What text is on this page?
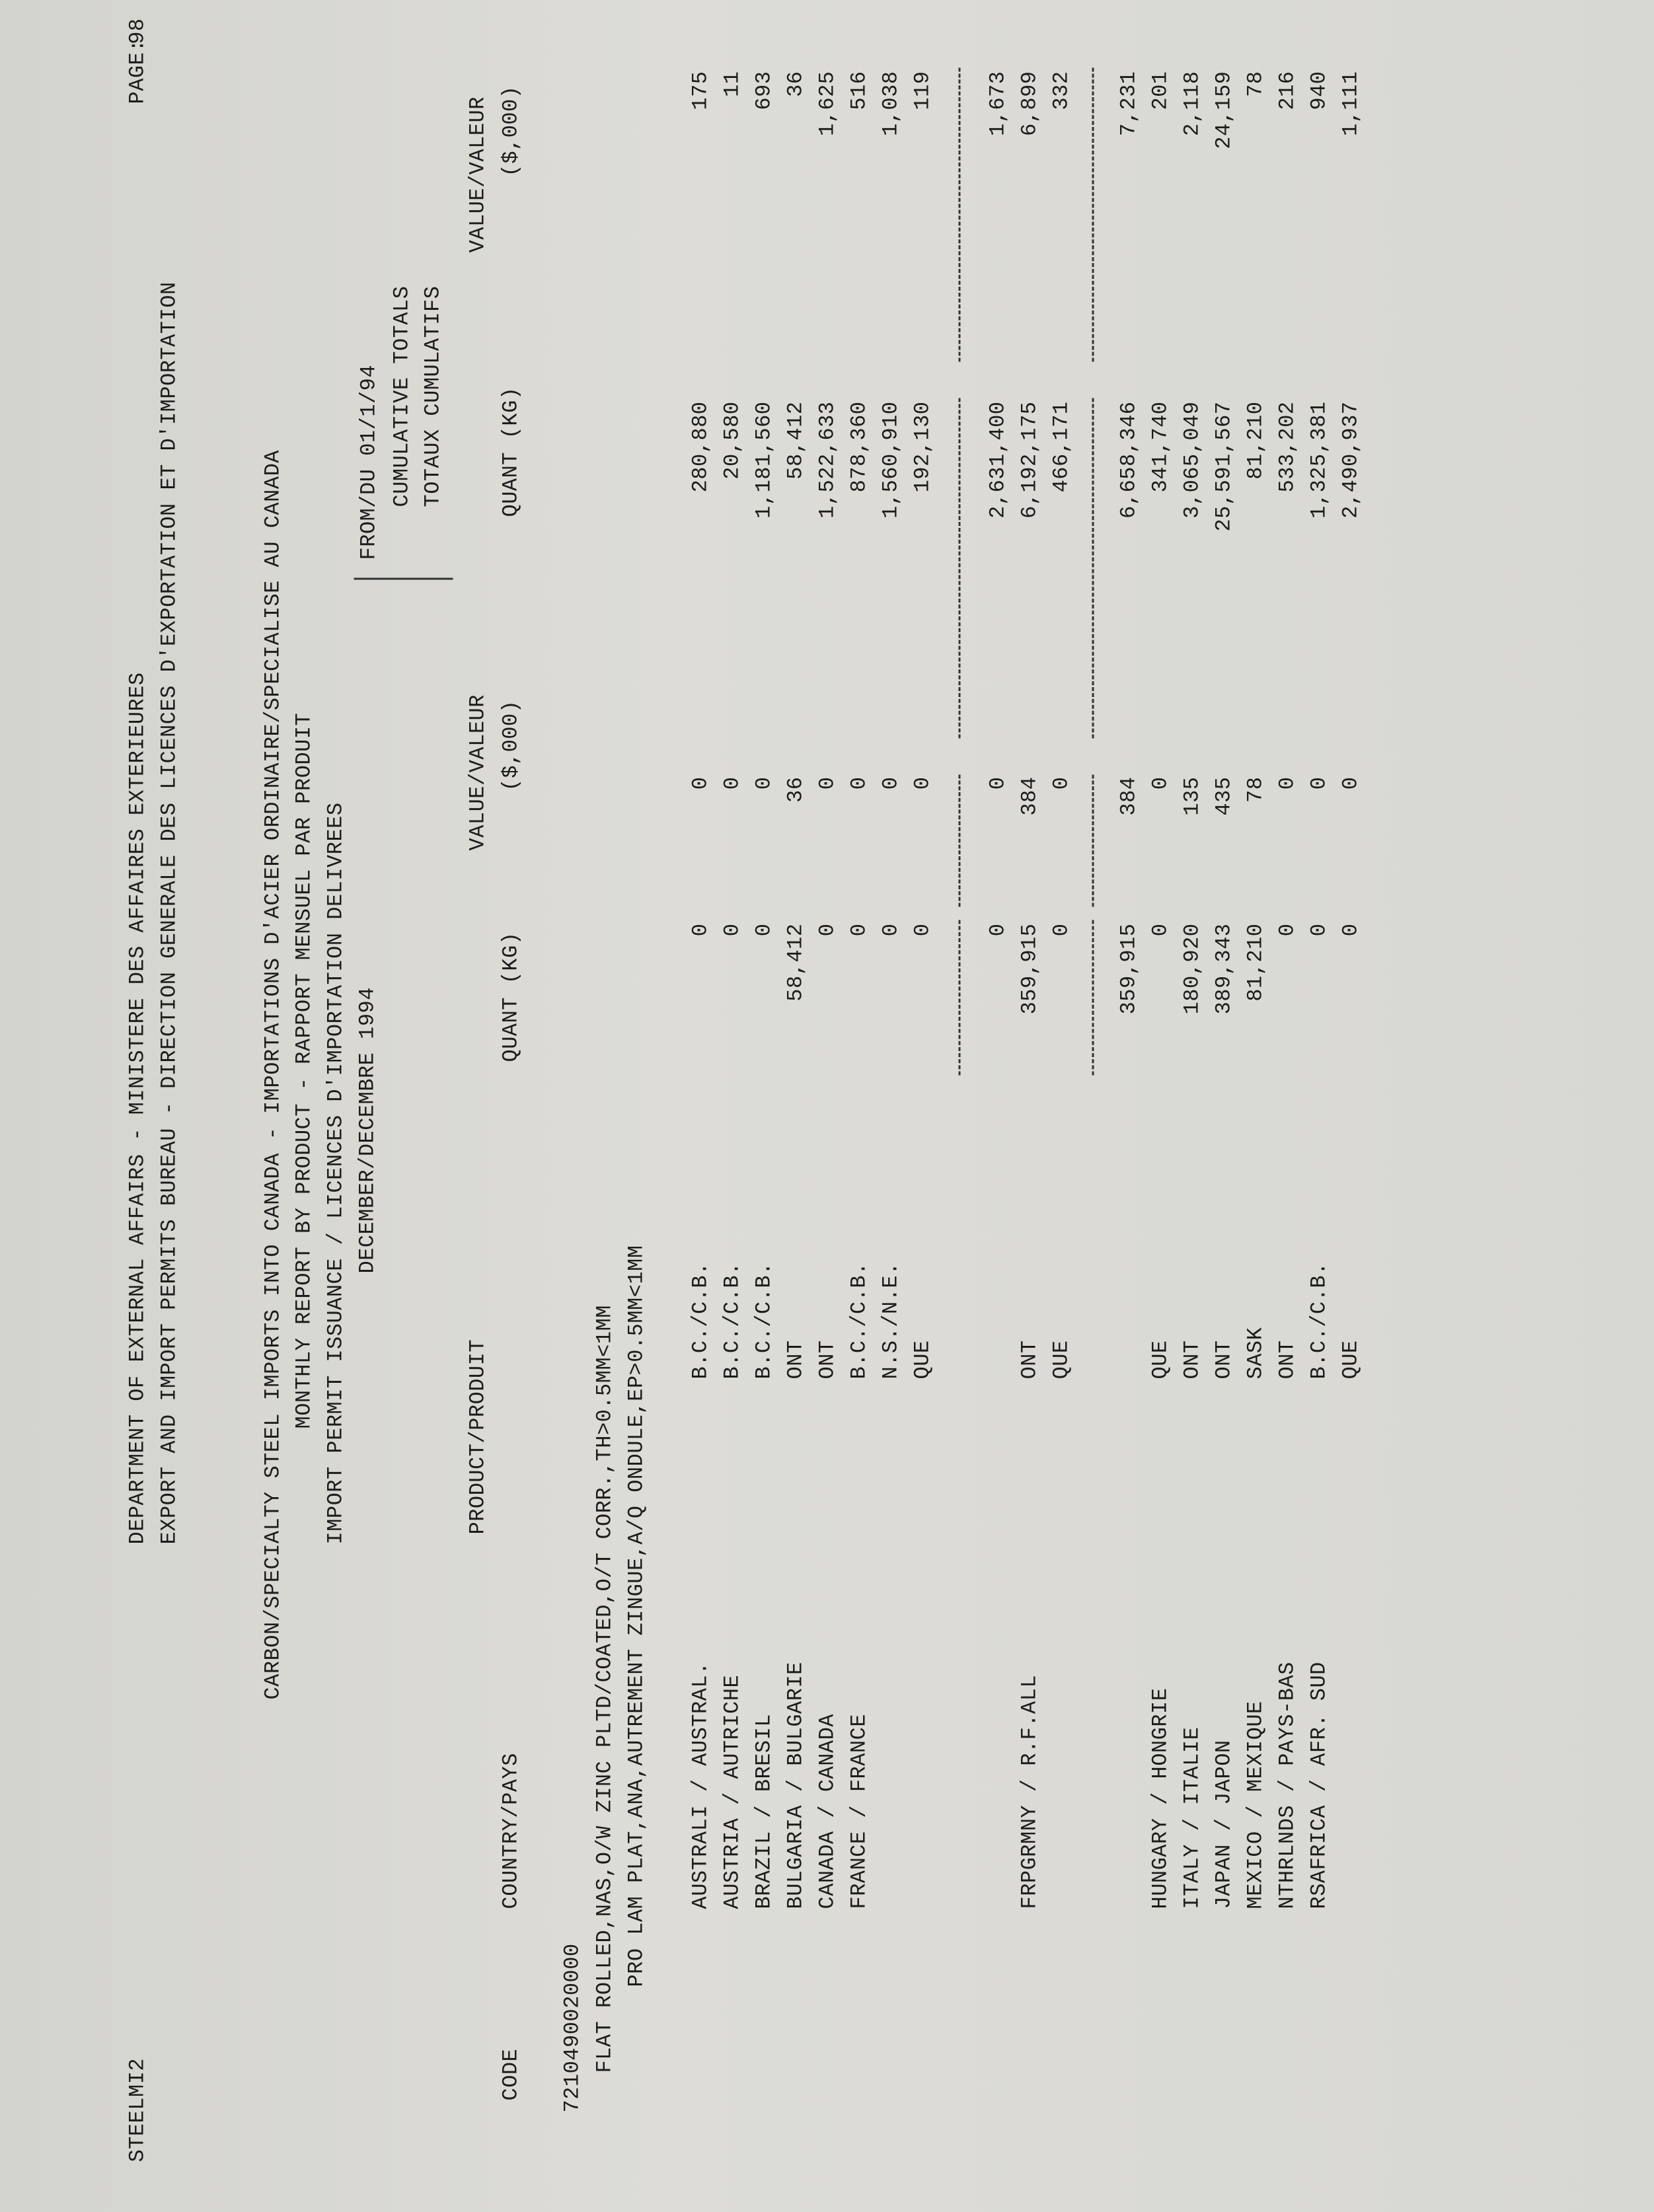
STEELMI2
DEPARTMENT OF EXTERNAL AFFAIRS - MINISTERE DES AFFAIRES EXTERIEURES EXPORT AND IMPORT PERMITS BUREAU - DIRECTION GENERALE DES LICENCES D'EXPORTATION ET D'IMPORTATION
PAGE:
98
CARBON/SPECIALTY STEEL IMPORTS INTO CANADA - IMPORTATIONS D'ACIER ORDINAIRE/SPECIALISE AU CANADA MONTHLY REPORT BY PRODUCT - RAPPORT MENSUEL PAR PRODUIT IMPORT PERMIT ISSUANCE / LICENCES D'IMPORTATION DELIVREES DECEMBER/DECEMBRE 1994
FROM/DU 01/1/94 CUMULATIVE TOTALS TOTAUX CUMULATIFS
PRODUCT/PRODUIT
VALUE/VALEUR
VALUE/VALEUR
CODE
COUNTRY/PAYS
QUANT (KG)
($,000)
QUANT (KG)
($,000)
7210490020000 FLAT ROLLED,NAS,O/W ZINC PLTD/COATED,O/T CORR.,TH>0.5MM<1MM PRO LAM PLAT,ANA,AUTREMENT ZINGUE,A/Q ONDULE,EP>0.5MM<1MM AUSTRALI / AUSTRAL.
B.C./C.B.
0
0
280,880
175
AUSTRIA / AUTRICHE
B.C./C.B.
0
0
20,580
11
BRAZIL / BRESIL
B.C./C.B.
0
0
1,181,560
693
BULGARIA / BULGARIE
ONT
58,412
36
58,412
36
CANADA / CANADA
ONT
0
0
1,522,633
1,625
FRANCE / FRANCE
B.C./C.B.
0
0
878,360
516
N.S./N.E.
0
0
1,560,910
1,038
QUE
0
0
192,130
119
0
0
2,631,400
1,673
FRPGRMNY / R.F.ALL
ONT
359,915
384
6,192,175
6,899
QUE
0
0
466,171
332
359,915
384
6,658,346
7,231
HUNGARY / HONGRIE
QUE
0
0
341,740
201
ITALY / ITALIE
ONT
180,920
135
3,065,049
2,118
JAPAN / JAPON
ONT
389,343
435
25,591,567
24,159
MEXICO / MEXIQUE
SASK
81,210
78
81,210
78
NTHRLNDS / PAYS-BAS
ONT
0
0
533,202
216
RSAFRICA / AFR. SUD
B.C./C.B.
0
0
1,325,381
940
QUE
0
0
2,490,937
1,111
